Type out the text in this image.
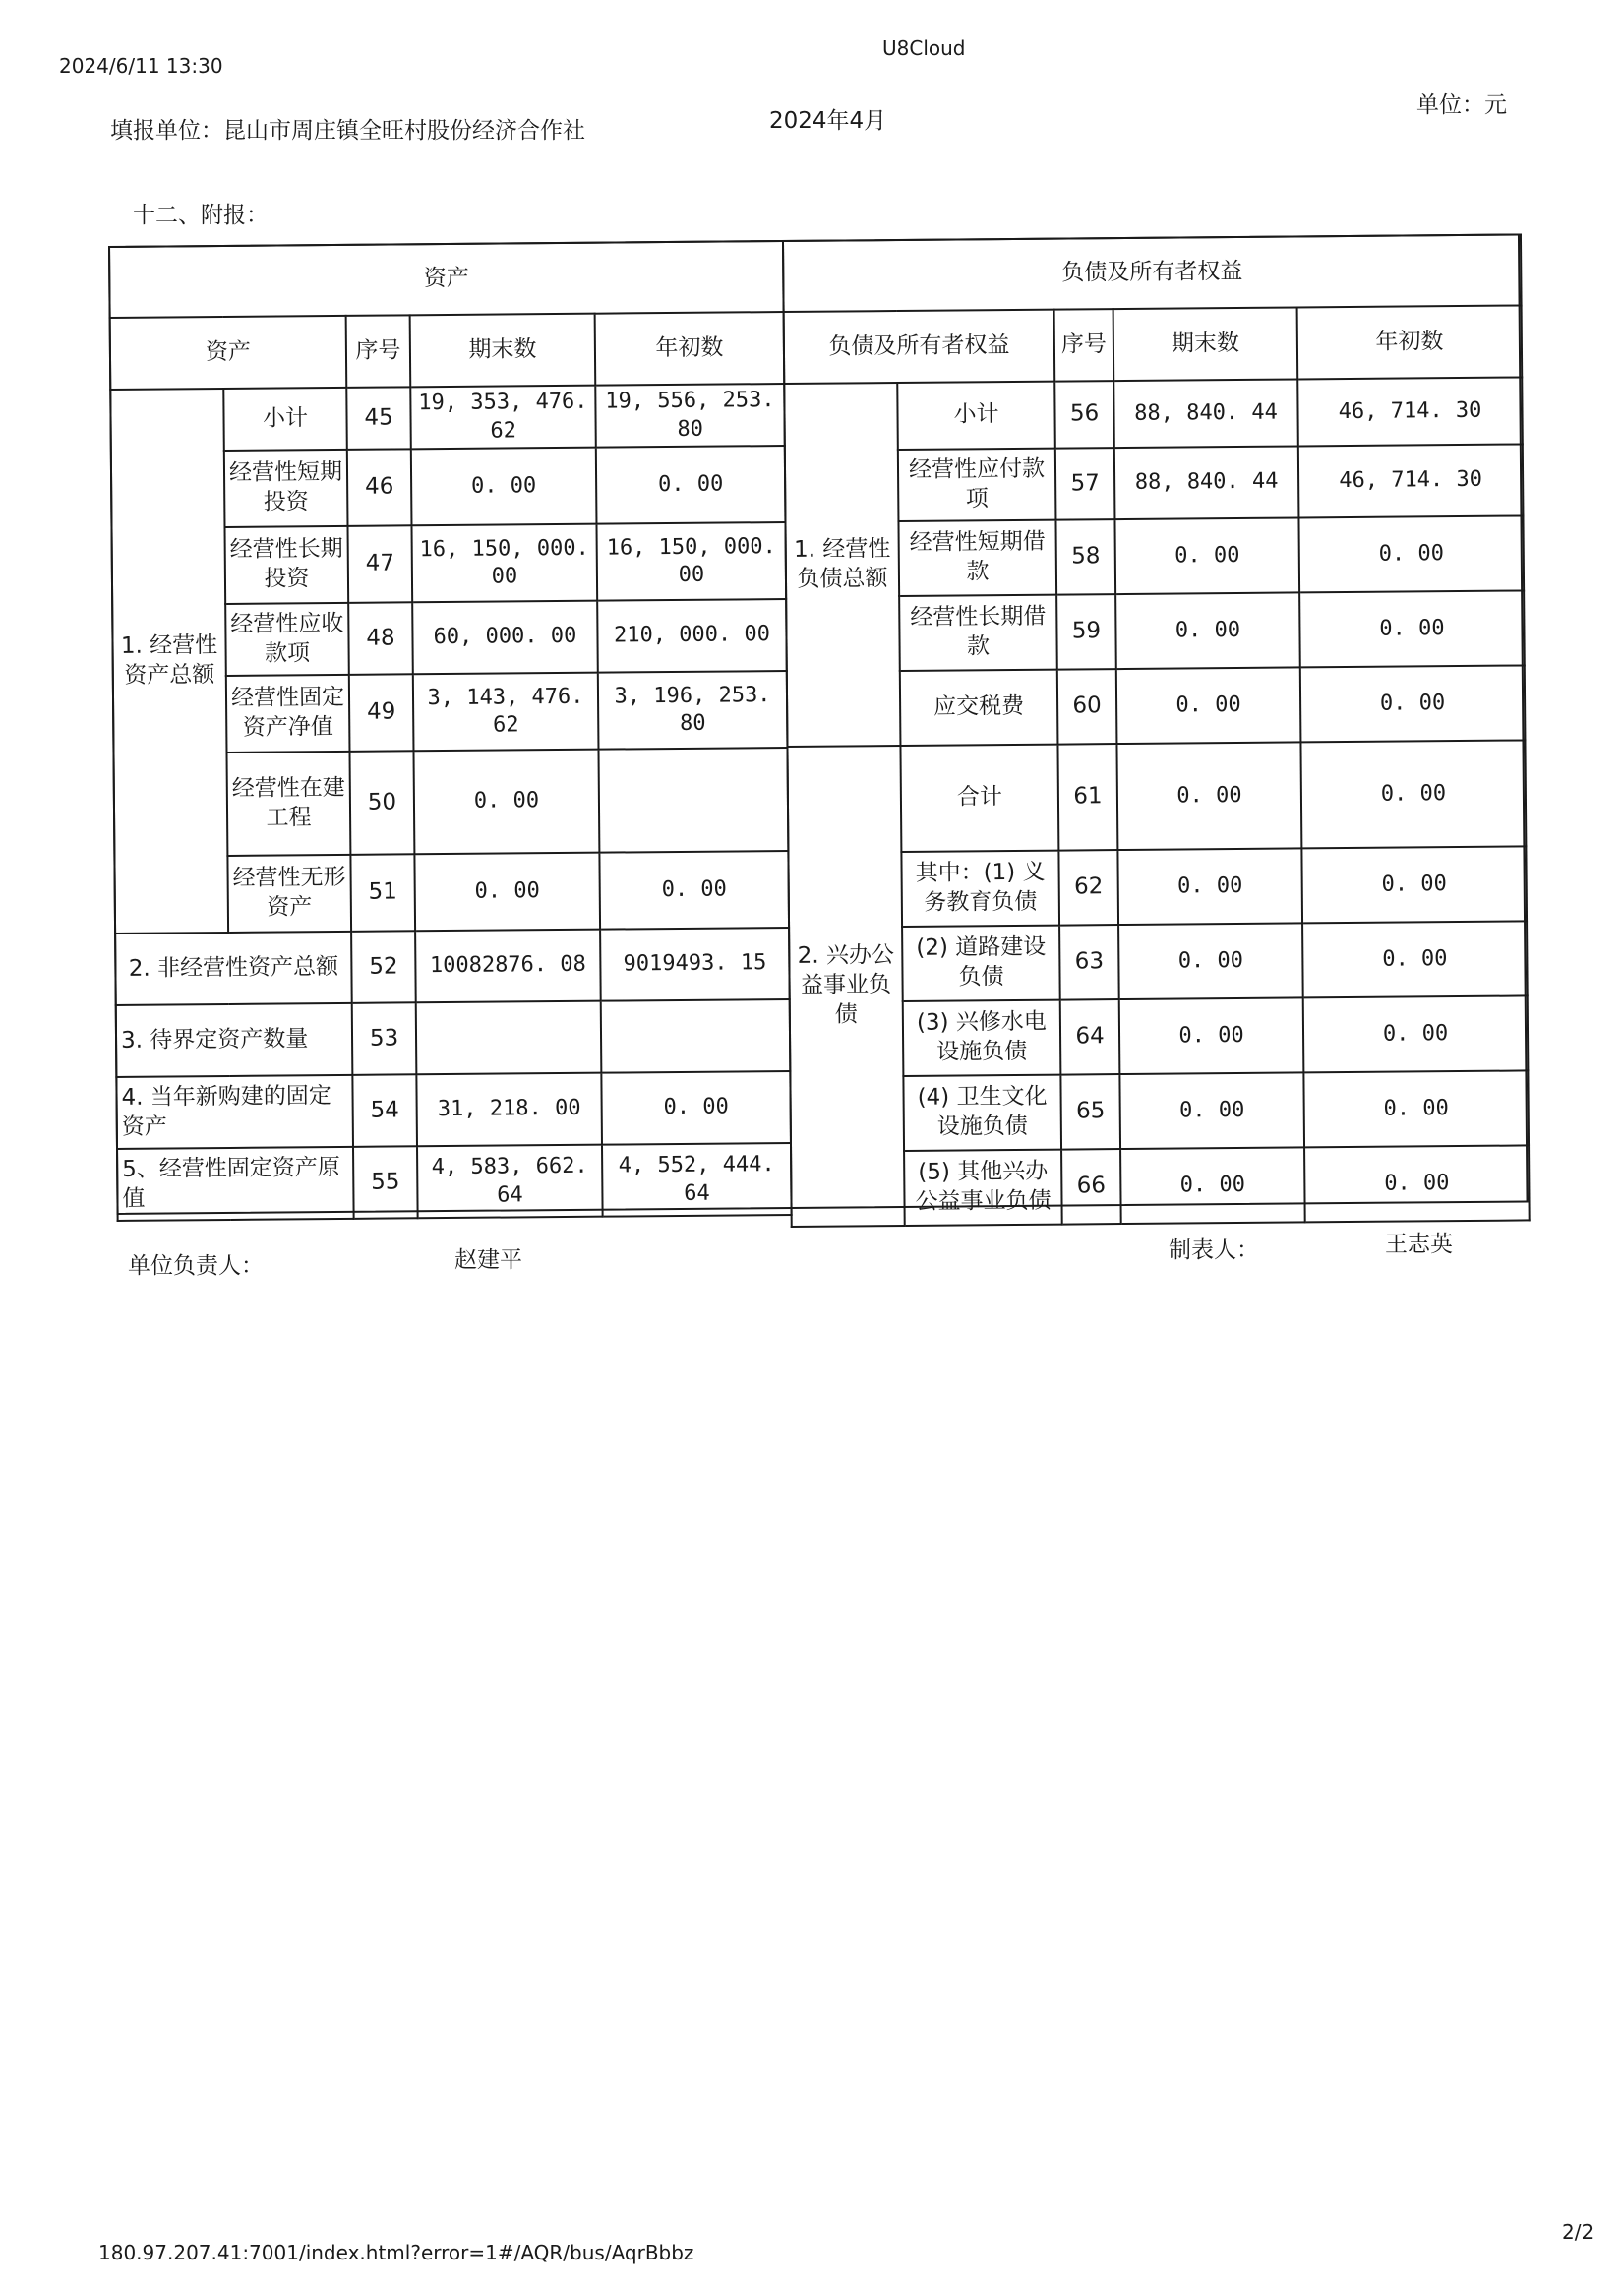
2024/6/11 13:30
U8Cloud
填报单位：昆山市周庄镇全旺村股份经济合作社	2024年4月
单位：元
十二、附报：
资产				
资产		序号	期末数	年初数
1. 经营性资产总额	小计	45	19, 353, 476. 62	19, 556, 253. 80
	经营性短期投资	46	0. 00	0. 00
	经营性长期投资	47	16, 150, 000. 00	16, 150, 000. 00
	经营性应收款项	48	60, 000. 00	210, 000. 00
	经营性固定资产净值	49	3, 143, 476. 62	3, 196, 253. 80
	经营性在建工程	50	0. 00	
	经营性无形资产	51	0. 00	0. 00
2. 非经营性资产总额		52	10082876. 08	9019493. 15
3. 待界定资产数量		53		
4. 当年新购建的固定资产		54	31, 218. 00	0. 00
5、经营性固定资产原值		55	4, 583, 662. 64	4, 552, 444. 64
负债及所有者权益				
负债及所有者权益		序号	期末数	年初数
1. 经营性负债总额	小计	56	88, 840. 44	46, 714. 30
	经营性应付款项	57	88, 840. 44	46, 714. 30
	经营性短期借款	58	0. 00	0. 00
	经营性长期借款	59	0. 00	0. 00
	应交税费	60	0. 00	0. 00
2. 兴办公益事业负债	合计	61	0. 00	0. 00
	其中：(1) 义务教育负债	62	0. 00	0. 00
	(2) 道路建设负债	63	0. 00	0. 00
	(3) 兴修水电设施负债	64	0. 00	0. 00
	(4) 卫生文化设施负债	65	0. 00	0. 00
	(5) 其他兴办公益事业负债	66	0. 00	0. 00
单位负责人：	赵建平	制表人：	王志英
180.97.207.41:7001/index.html?error=1#/AQR/bus/AqrBbbz
2/2
